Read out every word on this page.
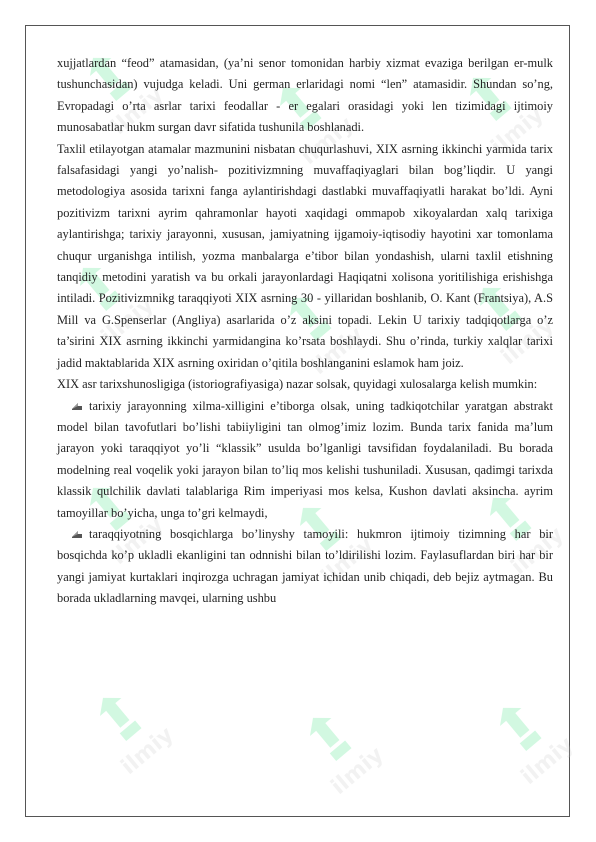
ilmiy
ilmiy	ilmiy
ilmiy
ilmiy	ilmiy
ilmiy	ilmiy	ilmiy
ilmiy	ilmiy	ilmiy

xujjatlardan “feod” atamasidan, (ya’ni senor tomonidan harbiy xizmat evaziga berilgan er-mulk tushunchasidan) vujudga keladi. Uni german erlaridagi nomi “len” atamasidir. Shundan so’ng, Evropadagi o’rta asrlar tarixi feodallar - er egalari orasidagi yoki len tizimidagi ijtimoiy munosabatlar hukm surgan davr sifatida tushunila boshlanadi.

Taxlil etilayotgan atamalar mazmunini nisbatan chuqurlashuvi, XIX asrning ikkinchi yarmida tarix falsafasidagi yangi yo’nalish- pozitivizmning muvaffaqiyaglari bilan bog’liqdir. U yangi metodologiya asosida tarixni fanga aylantirishdagi dastlabki muvaffaqiyatli harakat bo’ldi. Ayni pozitivizm tarixni ayrim qahramonlar hayoti xaqidagi ommapob xikoyalardan xalq tarixiga aylantirishga; tarixiy jarayonni, xususan, jamiyatning ijgamoiy-iqtisodiy hayotini xar tomonlama chuqur urganishga intilish, yozma manbalarga e’tibor bilan yondashish, ularni taxlil etishning tanqidiy metodini yaratish va bu orkali jarayonlardagi Haqiqatni xolisona yoritilishiga erishishga intiladi. Pozitivizmnikg taraqqiyoti XIX asrning 30 - yillaridan boshlanib, O. Kant (Frantsiya), A.S Mill va G.Spenserlar (Angliya) asarlarida o’z aksini topadi. Lekin U tarixiy tadqiqotlarga o’z ta’sirini XIX asrning ikkinchi yarmidangina ko’rsata boshlaydi. Shu o’rinda, turkiy xalqlar tarixi jadid maktablarida XIX asrning oxiridan o’qitila boshlanganini eslamok ham joiz.

XIX asr tarixshunosligiga (istoriografiyasiga) nazar solsak, quyidagi xulosalarga kelish mumkin:

tarixiy jarayonning xilma-xilligini e’tiborga olsak, uning tadkiqotchilar yaratgan abstrakt model bilan tavofutlari bo’lishi tabiiyligini tan olmog’imiz lozim. Bunda tarix fanida ma’lum jarayon yoki taraqqiyot yo’li “klassik” usulda bo’lganligi tavsifidan foydalaniladi. Bu borada modelning real voqelik yoki jarayon bilan to’liq mos kelishi tushuniladi. Xususan, qadimgi tarixda klassik qulchilik davlati talablariga Rim imperiyasi mos kelsa, Kushon davlati aksincha. ayrim tamoyillar bo’yicha, unga to’gri kelmaydi,

taraqqiyotning bosqichlarga bo’linyshy tamoyili: hukmron ijtimoiy tizimning har bir bosqichda ko’p ukladli ekanligini tan odnnishi bilan to’ldirilishi lozim. Faylasuflardan biri har bir yangi jamiyat kurtaklari inqirozga uchragan jamiyat ichidan unib chiqadi, deb bejiz aytmagan. Bu borada ukladlarning mavqei, ularning ushbu
